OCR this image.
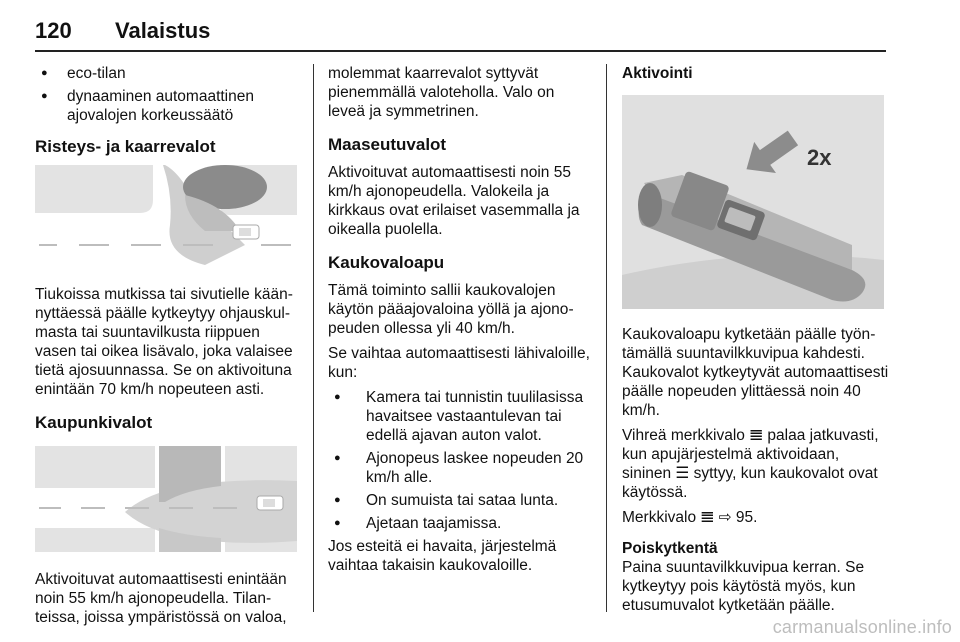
120 Valaistus
● eco-tilan
● dynaaminen automaattinen ajovalojen korkeussäätö
Risteys- ja kaarrevalot

Tiukoissa mutkissa tai sivutielle käännyttäessä päälle kytkeytyy ohjauskulmasta tai suuntavilkusta riippuen vasen tai oikea lisävalo, joka valaisee tietä ajosuunnassa. Se on aktivoituna enintään 70 km/h nopeuteen asti.

Kaupunkivalot

Aktivoituvat automaattisesti enintään noin 55 km/h ajonopeudella. Tilanteissa, joissa ympäristössä on valoa,

molemmat kaarrevalot syttyvät pienemmällä valoteholla. Valo on leveä ja symmetrinen.

Maaseutuvalot

Aktivoituvat automaattisesti noin 55 km/h ajonopeudella. Valokeila ja kirkkaus ovat erilaiset vasemmalla ja oikealla puolella.

Kaukovaloapu

Tämä toiminto sallii kaukovalojen käytön pääajovaloina yöllä ja ajonopeuden ollessa yli 40 km/h.

Se vaihtaa automaattisesti lähivaloille, kun:

● Kamera tai tunnistin tuulilasissa havaitsee vastaantulevan tai edellä ajavan auton valot.
● Ajonopeus laskee nopeuden 20 km/h alle.
● On sumuista tai sataa lunta.
● Ajetaan taajamissa.

Jos esteitä ei havaita, järjestelmä vaihtaa takaisin kaukovaloille.

Aktivointi
2x

Kaukovaloapu kytketään päälle työntämällä suuntavilkkuvipua kahdesti. Kaukovalot kytkeytyvät automaattisesti päälle nopeuden ylittäessä noin 40 km/h.

Vihreä merkkivalo 𝌆 palaa jatkuvasti, kun apujärjestelmä aktivoidaan, sininen ☰ syttyy, kun kaukovalot ovat käytössä.

Merkkivalo 𝌆 ⇨ 95.

Poiskytkentä

Paina suuntavilkkuvipua kerran. Se kytkeytyy pois käytöstä myös, kun etusumuvalot kytketään päälle.

carmanualsonline.info
